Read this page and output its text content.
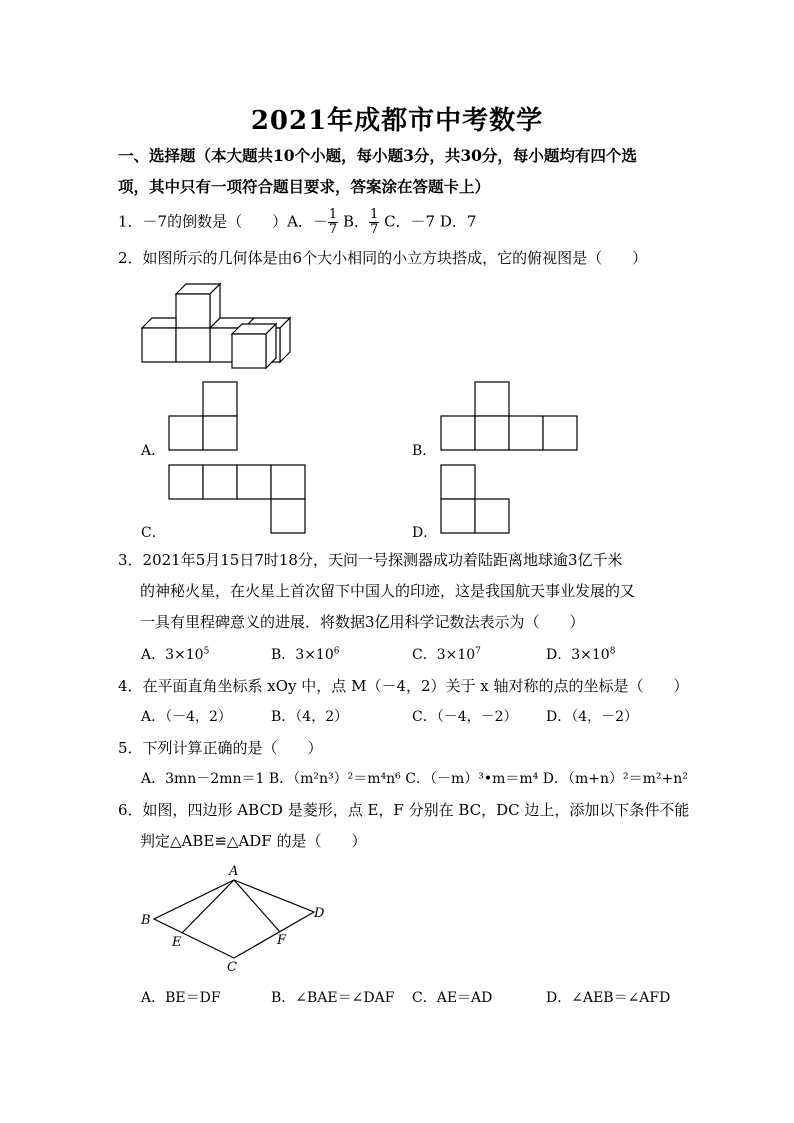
2021年成都市中考数学
一、选择题（本大题共10个小题，每小题3分，共30分，每小题均有四个选
项，其中只有一项符合题目要求，答案涂在答题卡上）
1．－7的倒数是（　　）A．－ $\frac{1}{7}$ B． $\frac{1}{7}$ C．－7 D．7
2．如图所示的几何体是由6个大小相同的小立方块搭成，它的俯视图是（　　）
A．	B．
C．	D．
3．2021年5月15日7时18分，天问一号探测器成功着陆距离地球逾3亿千米
的神秘火星，在火星上首次留下中国人的印迹，这是我国航天事业发展的又
一具有里程碑意义的进展．将数据3亿用科学记数法表示为（　　）
A．$3\times 10^5$	B．$3\times 10^6$	C．$3\times 10^7$	D．$3\times 10^8$
4．在平面直角坐标系 xOy 中，点 M（－4，2）关于 x 轴对称的点的坐标是（　　）
A．（－4，2）	B．（4，2）	C．（－4，－2） D．（4，－2）
5．下列计算正确的是（　　）
A．3mn－2mn＝1 B．（m²n³）²＝m⁴n⁶ C．（－m）³•m＝m⁴ D．（m+n）²＝m²+n²
6．如图，四边形 ABCD 是菱形，点 E，F 分别在 BC，DC 边上，添加以下条件不能
判定△ABE≌△ADF 的是（　　）
A
B
C
D
E	F
A．BE＝DF	B．∠BAE＝∠DAF C．AE＝AD	D．∠AEB＝∠AFD
